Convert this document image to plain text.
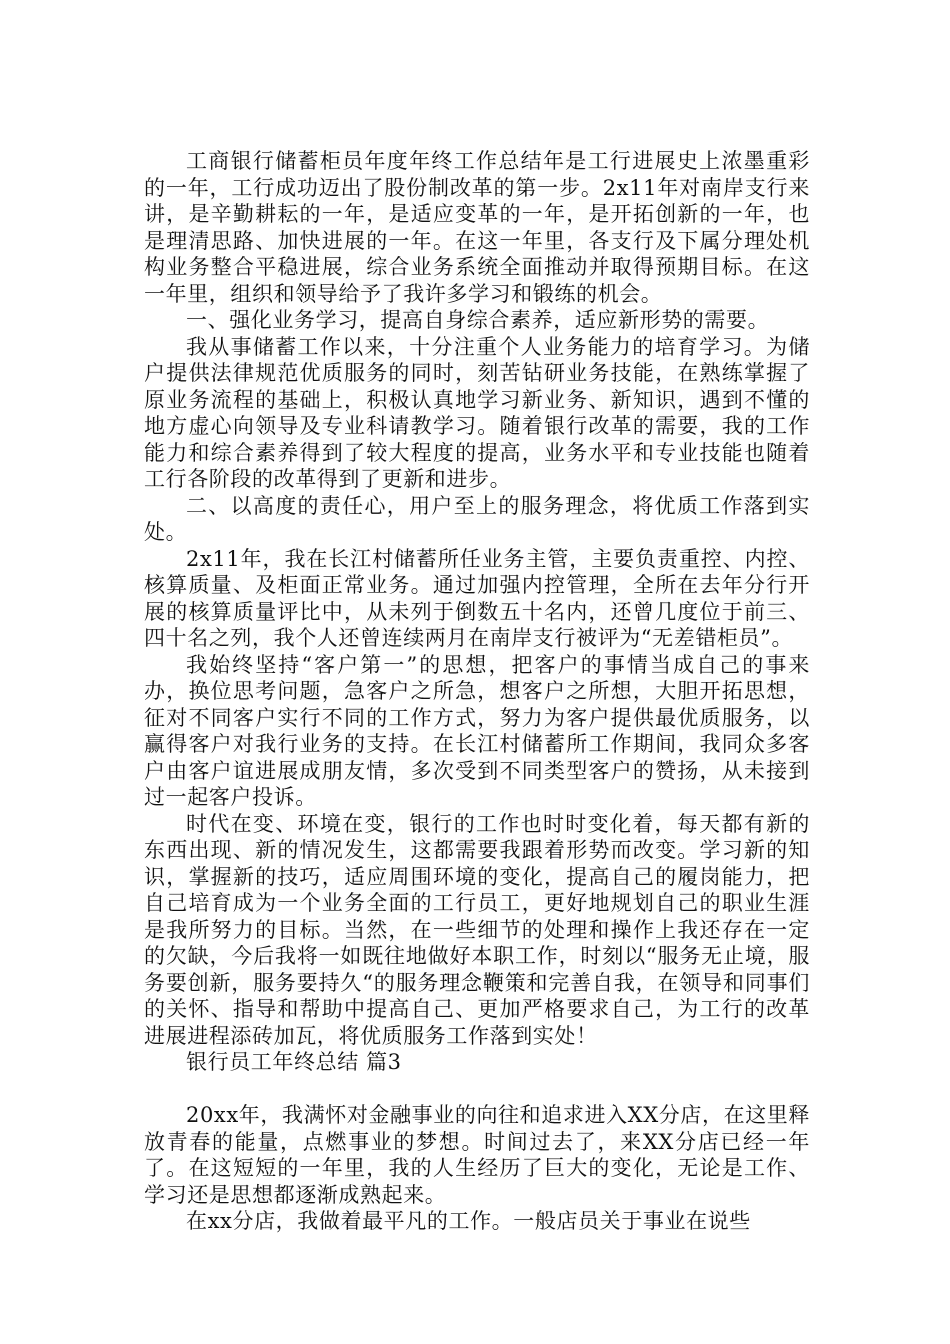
工商银行储蓄柜员年度年终工作总结年是工行进展史上浓墨重彩的一年，工行成功迈出了股份制改革的第一步。2x11年对南岸支行来讲，是辛勤耕耘的一年，是适应变革的一年，是开拓创新的一年，也是理清思路、加快进展的一年。在这一年里，各支行及下属分理处机构业务整合平稳进展，综合业务系统全面推动并取得预期目标。在这一年里，组织和领导给予了我许多学习和锻练的机会。

一、强化业务学习，提高自身综合素养，适应新形势的需要。

我从事储蓄工作以来，十分注重个人业务能力的培育学习。为储户提供法律规范优质服务的同时，刻苦钻研业务技能，在熟练掌握了原业务流程的基础上，积极认真地学习新业务、新知识，遇到不懂的地方虚心向领导及专业科请教学习。随着银行改革的需要，我的工作能力和综合素养得到了较大程度的提高，业务水平和专业技能也随着工行各阶段的改革得到了更新和进步。

二、以高度的责任心，用户至上的服务理念，将优质工作落到实处。

2x11年，我在长江村储蓄所任业务主管，主要负责重控、内控、核算质量、及柜面正常业务。通过加强内控管理，全所在去年分行开展的核算质量评比中，从未列于倒数五十名内，还曾几度位于前三、四十名之列，我个人还曾连续两月在南岸支行被评为“无差错柜员”。

我始终坚持“客户第一”的思想，把客户的事情当成自己的事来办，换位思考问题，急客户之所急，想客户之所想，大胆开拓思想，征对不同客户实行不同的工作方式，努力为客户提供最优质服务，以赢得客户对我行业务的支持。在长江村储蓄所工作期间，我同众多客户由客户谊进展成朋友情，多次受到不同类型客户的赞扬，从未接到过一起客户投诉。

时代在变、环境在变，银行的工作也时时变化着，每天都有新的东西出现、新的情况发生，这都需要我跟着形势而改变。学习新的知识，掌握新的技巧，适应周围环境的变化，提高自己的履岗能力，把自己培育成为一个业务全面的工行员工，更好地规划自己的职业生涯是我所努力的目标。当然，在一些细节的处理和操作上我还存在一定的欠缺，今后我将一如既往地做好本职工作，时刻以“服务无止境，服务要创新，服务要持久“的服务理念鞭策和完善自我，在领导和同事们的关怀、指导和帮助中提高自己、更加严格要求自己，为工行的改革进展进程添砖加瓦，将优质服务工作落到实处！

银行员工年终总结 篇3

20xx年，我满怀对金融事业的向往和追求进入XX分店，在这里释放青春的能量，点燃事业的梦想。时间过去了，来XX分店已经一年了。在这短短的一年里，我的人生经历了巨大的变化，无论是工作、学习还是思想都逐渐成熟起来。

在xx分店，我做着最平凡的工作。一般店员关于事业在说些
